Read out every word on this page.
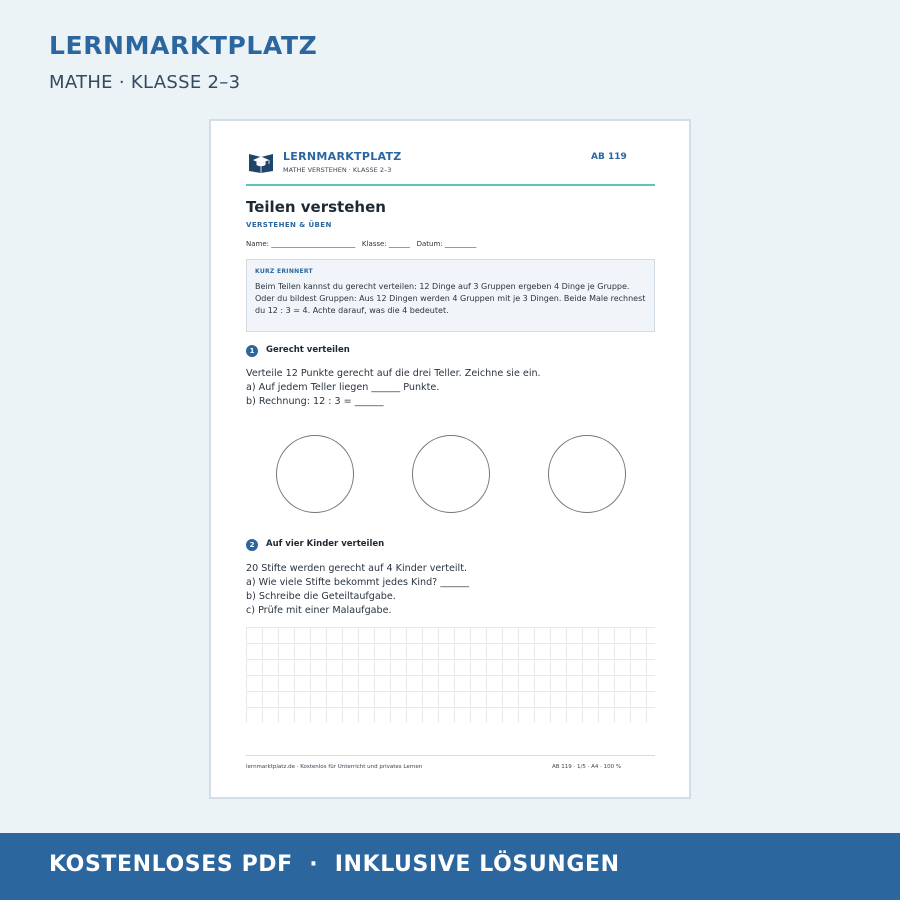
LERNMARKTPLATZ
MATHE · KLASSE 2–3
LERNMARKTPLATZ
MATHE VERSTEHEN · KLASSE 2–3
AB 119
Teilen verstehen
VERSTEHEN & ÜBEN
Name: ________________________   Klasse: ______   Datum: _________
KURZ ERINNERT
Beim Teilen kannst du gerecht verteilen: 12 Dinge auf 3 Gruppen ergeben 4 Dinge je Gruppe. Oder du bildest Gruppen: Aus 12 Dingen werden 4 Gruppen mit je 3 Dingen. Beide Male rechnest du 12 : 3 = 4. Achte darauf, was die 4 bedeutet.
1	Gerecht verteilen
Verteile 12 Punkte gerecht auf die drei Teller. Zeichne sie ein.
a) Auf jedem Teller liegen ______ Punkte.
b) Rechnung: 12 : 3 = ______
2	Auf vier Kinder verteilen
20 Stifte werden gerecht auf 4 Kinder verteilt.
a) Wie viele Stifte bekommt jedes Kind? ______
b) Schreibe die Geteiltaufgabe.
c) Prüfe mit einer Malaufgabe.
lernmarktplatz.de · Kostenlos für Unterricht und privates Lernen	AB 119 · 1/5 · A4 · 100 %
KOSTENLOSES PDF  ·  INKLUSIVE LÖSUNGEN
